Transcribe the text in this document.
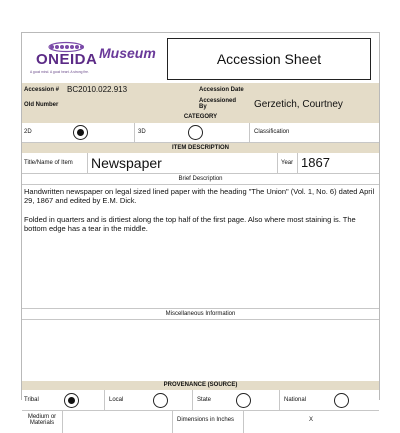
ONEIDA
A good mind. A good heart. A strong fire.
Museum	Accession Sheet
Accession # BC2010.022.913	Accession Date
Old Number
Accessioned By	Gerzetich, Courtney
CATEGORY
2D	3D	Classification
ITEM DESCRIPTION
Title/Name of Item Newspaper	Year 1867
Brief Description
Handwritten newspaper on legal sized lined paper with the heading "The Union" (Vol. 1, No. 6) dated April 29, 1867 and edited by E.M. Dick.
Folded in quarters and is dirtiest along the top half of the first page. Also where most staining is. The bottom edge has a tear in the middle.
Miscellaneous Information
PROVENANCE (SOURCE)
Tribal	Local	State	National
Medium or Materials	Dimensions in Inches	X
